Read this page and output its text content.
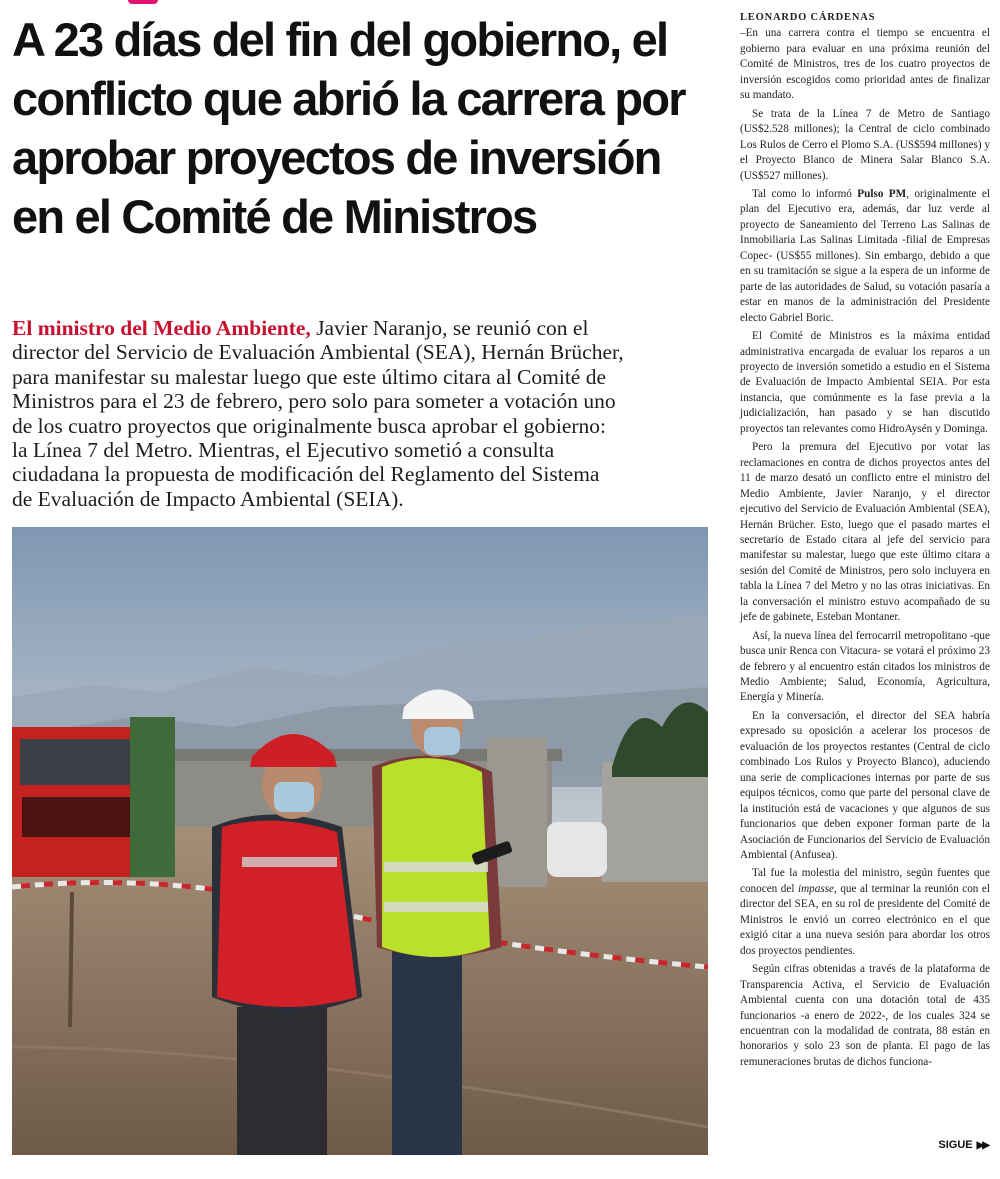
A 23 días del fin del gobierno, el
conflicto que abrió la carrera por
aprobar proyectos de inversión
en el Comité de Ministros
El ministro del Medio Ambiente, Javier Naranjo, se reunió con el
director del Servicio de Evaluación Ambiental (SEA), Hernán Brücher,
para manifestar su malestar luego que este último citara al Comité de
Ministros para el 23 de febrero, pero solo para someter a votación uno
de los cuatro proyectos que originalmente busca aprobar el gobierno:
la Línea 7 del Metro. Mientras, el Ejecutivo sometió a consulta
ciudadana la propuesta de modificación del Reglamento del Sistema
de Evaluación de Impacto Ambiental (SEIA).
LEONARDO CÁRDENAS

–En una carrera contra el tiempo se encuentra el gobierno para evaluar en una próxima reunión del Comité de Ministros, tres de los cuatro proyectos de inversión escogidos como prioridad antes de finalizar su mandato.

Se trata de la Línea 7 de Metro de Santiago (US$2.528 millones); la Central de ciclo combinado Los Rulos de Cerro el Plomo S.A. (US$594 millones) y el Proyecto Blanco de Minera Salar Blanco S.A. (US$527 millones).

Tal como lo informó Pulso PM, originalmente el plan del Ejecutivo era, además, dar luz verde al proyecto de Saneamiento del Terreno Las Salinas de Inmobiliaria Las Salinas Limitada -filial de Empresas Copec- (US$55 millones). Sin embargo, debido a que en su tramitación se sigue a la espera de un informe de parte de las autoridades de Salud, su votación pasaría a estar en manos de la administración del Presidente electo Gabriel Boric.

El Comité de Ministros es la máxima entidad administrativa encargada de evaluar los reparos a un proyecto de inversión sometido a estudio en el Sistema de Evaluación de Impacto Ambiental SEIA. Por esta instancia, que comúnmente es la fase previa a la judicialización, han pasado y se han discutido proyectos tan relevantes como HidroAysén y Dominga.

Pero la premura del Ejecutivo por votar las reclamaciones en contra de dichos proyectos antes del 11 de marzo desató un conflicto entre el ministro del Medio Ambiente, Javier Naranjo, y el director ejecutivo del Servicio de Evaluación Ambiental (SEA), Hernán Brücher. Esto, luego que el pasado martes el secretario de Estado citara al jefe del servicio para manifestar su malestar, luego que este último citara a sesión del Comité de Ministros, pero solo incluyera en tabla la Línea 7 del Metro y no las otras iniciativas. En la conversación el ministro estuvo acompañado de su jefe de gabinete, Esteban Montaner.

Así, la nueva línea del ferrocarril metropolitano -que busca unir Renca con Vitacura- se votará el próximo 23 de febrero y al encuentro están citados los ministros de Medio Ambiente; Salud, Economía, Agricultura, Energía y Minería.

En la conversación, el director del SEA habría expresado su oposición a acelerar los procesos de evaluación de los proyectos restantes (Central de ciclo combinado Los Rulos y Proyecto Blanco), aduciendo una serie de complicaciones internas por parte de sus equipos técnicos, como que parte del personal clave de la institución está de vacaciones y que algunos de sus funcionarios que deben exponer forman parte de la Asociación de Funcionarios del Servicio de Evaluación Ambiental (Anfusea).

Tal fue la molestia del ministro, según fuentes que conocen del impasse, que al terminar la reunión con el director del SEA, en su rol de presidente del Comité de Ministros le envió un correo electrónico en el que exigió citar a una nueva sesión para abordar los otros dos proyectos pendientes.

Según cifras obtenidas a través de la plataforma de Transparencia Activa, el Servicio de Evaluación Ambiental cuenta con una dotación total de 435 funcionarios -a enero de 2022-, de los cuales 324 se encuentran con la modalidad de contrata, 88 están en honorarios y solo 23 son de planta. El pago de las remuneraciones brutas de dichos funciona-

SIGUE ▶▶
